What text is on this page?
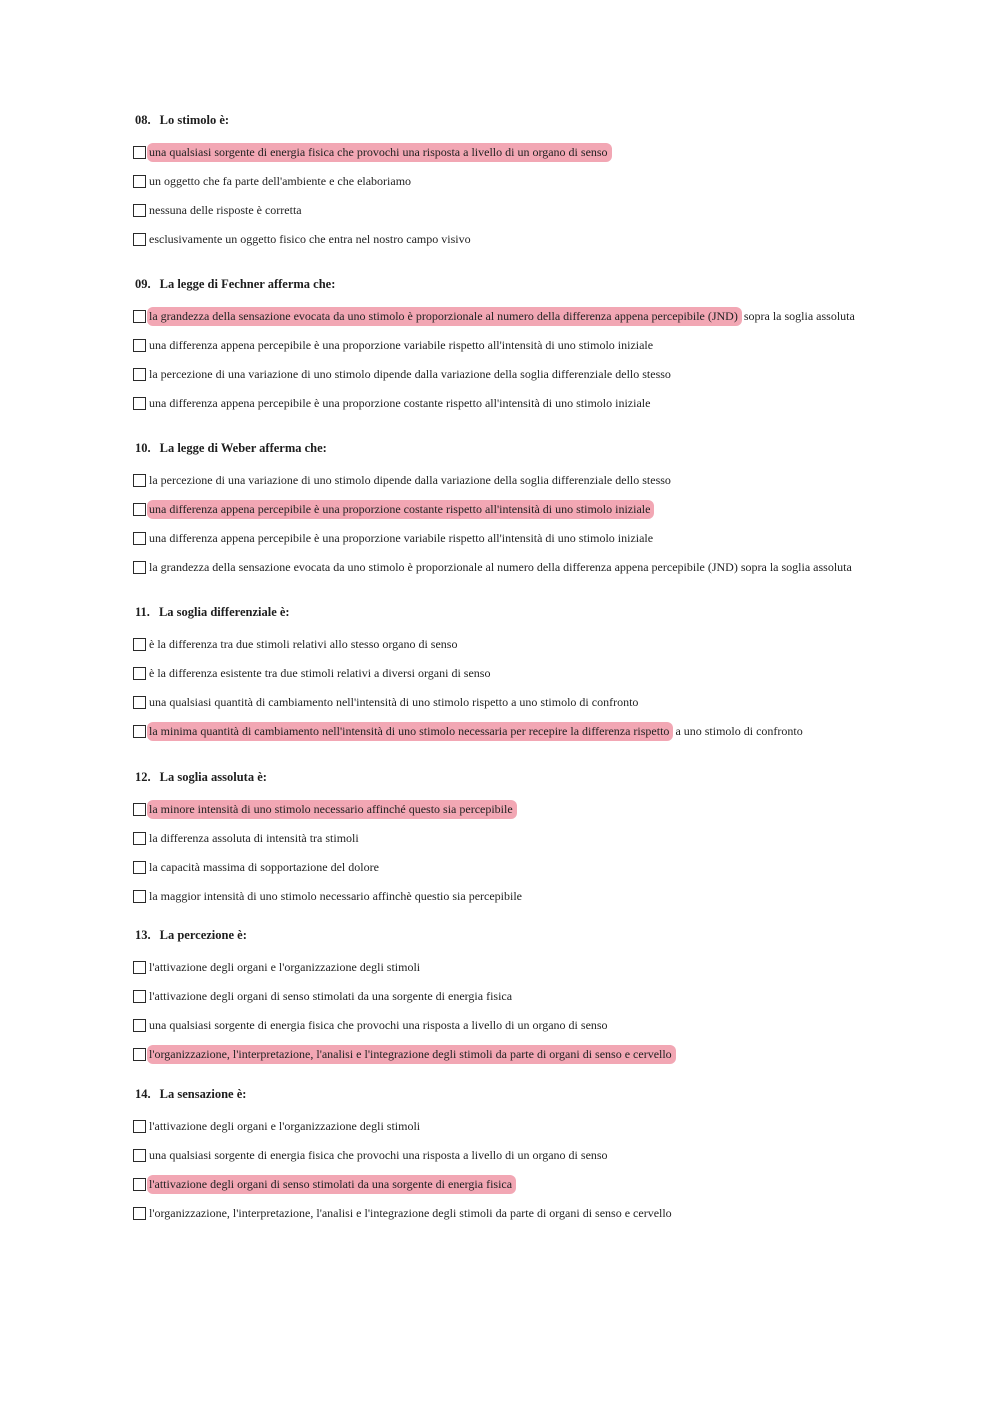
08. Lo stimolo è:
una qualsiasi sorgente di energia fisica che provochi una risposta a livello di un organo di senso
un oggetto che fa parte dell'ambiente e che elaboriamo
nessuna delle risposte è corretta
esclusivamente un oggetto fisico che entra nel nostro campo visivo
09. La legge di Fechner afferma che:
la grandezza della sensazione evocata da uno stimolo è proporzionale al numero della differenza appena percepibile (JND) sopra la soglia assoluta
una differenza appena percepibile è una proporzione variabile rispetto all'intensità di uno stimolo iniziale
la percezione di una variazione di uno stimolo dipende dalla variazione della soglia differenziale dello stesso
una differenza appena percepibile è una proporzione costante rispetto all'intensità di uno stimolo iniziale
10. La legge di Weber afferma che:
la percezione di una variazione di uno stimolo dipende dalla variazione della soglia differenziale dello stesso
una differenza appena percepibile è una proporzione costante rispetto all'intensità di uno stimolo iniziale
una differenza appena percepibile è una proporzione variabile rispetto all'intensità di uno stimolo iniziale
la grandezza della sensazione evocata da uno stimolo è proporzionale al numero della differenza appena percepibile (JND) sopra la soglia assoluta
11. La soglia differenziale è:
è la differenza tra due stimoli relativi allo stesso organo di senso
è la differenza esistente tra due stimoli relativi a diversi organi di senso
una qualsiasi quantità di cambiamento nell'intensità di uno stimolo rispetto a uno stimolo di confronto
la minima quantità di cambiamento nell'intensità di uno stimolo necessaria per recepire la differenza rispetto a uno stimolo di confronto
12. La soglia assoluta è:
la minore intensità di uno stimolo necessario affinché questo sia percepibile
la differenza assoluta di intensità tra stimoli
la capacità massima di sopportazione del dolore
la maggior intensità di uno stimolo necessario affinchè questio sia percepibile
13. La percezione è:
l'attivazione degli organi e l'organizzazione degli stimoli
l'attivazione degli organi di senso stimolati da una sorgente di energia fisica
una qualsiasi sorgente di energia fisica che provochi una risposta a livello di un organo di senso
l'organizzazione, l'interpretazione, l'analisi e l'integrazione degli stimoli da parte di organi di senso e cervello
14. La sensazione è:
l'attivazione degli organi e l'organizzazione degli stimoli
una qualsiasi sorgente di energia fisica che provochi una risposta a livello di un organo di senso
l'attivazione degli organi di senso stimolati da una sorgente di energia fisica
l'organizzazione, l'interpretazione, l'analisi e l'integrazione degli stimoli da parte di organi di senso e cervello
